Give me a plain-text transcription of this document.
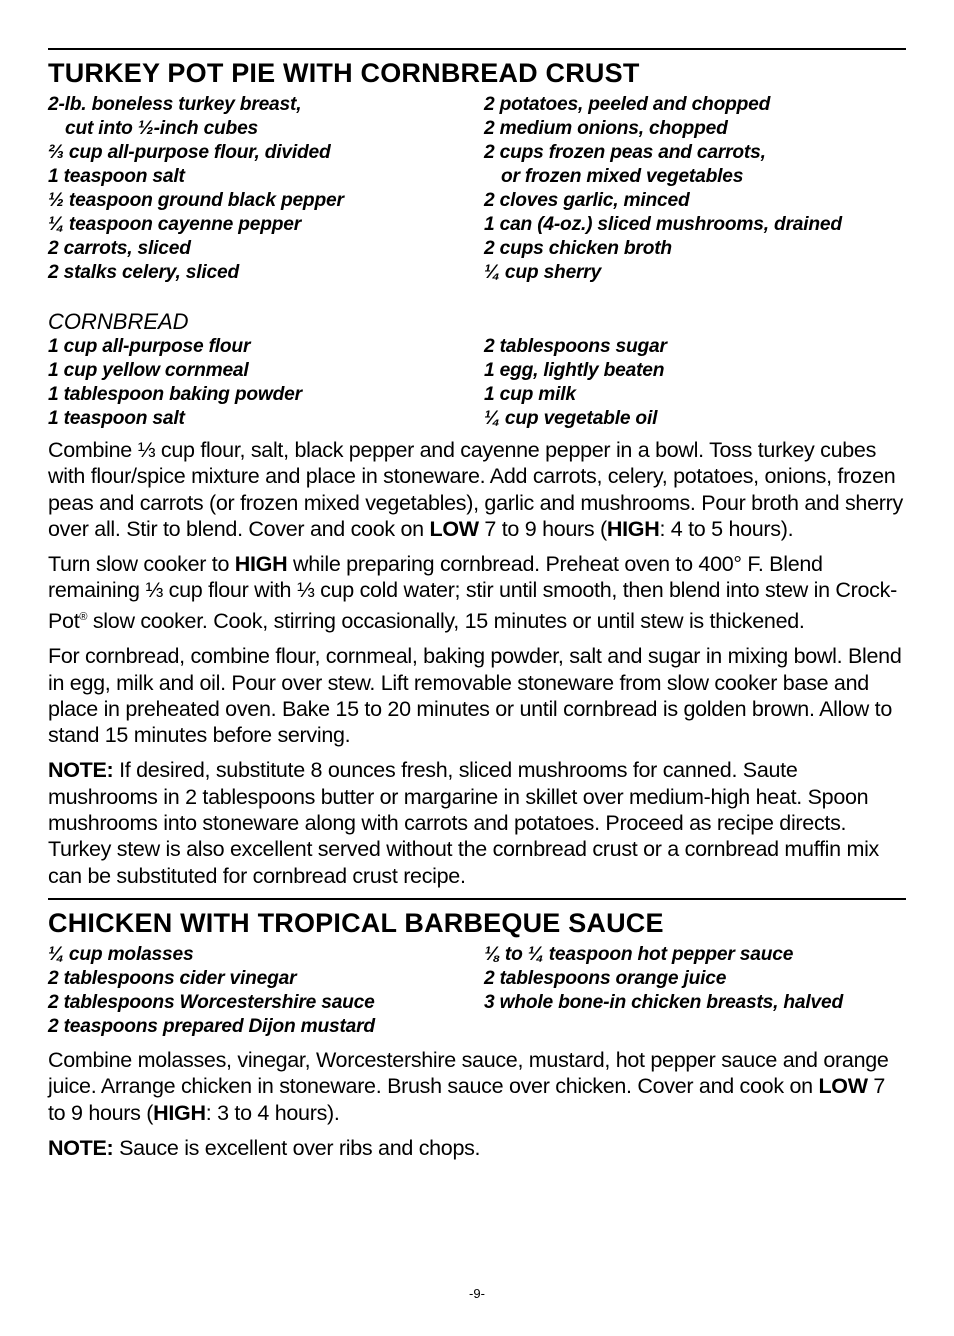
TURKEY POT PIE WITH CORNBREAD CRUST
2-lb. boneless turkey breast,
cut into ½-inch cubes
⅔ cup all-purpose flour, divided
1 teaspoon salt
½ teaspoon ground black pepper
¼ teaspoon cayenne pepper
2 carrots, sliced
2 stalks celery, sliced
2 potatoes, peeled and chopped
2 medium onions, chopped
2 cups frozen peas and carrots,
or frozen mixed vegetables
2 cloves garlic, minced
1 can (4-oz.) sliced mushrooms, drained
2 cups chicken broth
¼ cup sherry
CORNBREAD
1 cup all-purpose flour
1 cup yellow cornmeal
1 tablespoon baking powder
1 teaspoon salt
2 tablespoons sugar
1 egg, lightly beaten
1 cup milk
¼ cup vegetable oil

Combine ⅓ cup flour, salt, black pepper and cayenne pepper in a bowl. Toss turkey cubes with flour/spice mixture and place in stoneware. Add carrots, celery, potatoes, onions, frozen peas and carrots (or frozen mixed vegetables), garlic and mushrooms. Pour broth and sherry over all. Stir to blend. Cover and cook on LOW 7 to 9 hours (HIGH: 4 to 5 hours).

Turn slow cooker to HIGH while preparing cornbread. Preheat oven to 400° F. Blend remaining ⅓ cup flour with ⅓ cup cold water; stir until smooth, then blend into stew in Crock-Pot® slow cooker. Cook, stirring occasionally, 15 minutes or until stew is thickened.

For cornbread, combine flour, cornmeal, baking powder, salt and sugar in mixing bowl. Blend in egg, milk and oil. Pour over stew. Lift removable stoneware from slow cooker base and place in preheated oven. Bake 15 to 20 minutes or until cornbread is golden brown. Allow to stand 15 minutes before serving.

NOTE: If desired, substitute 8 ounces fresh, sliced mushrooms for canned. Saute mushrooms in 2 tablespoons butter or margarine in skillet over medium-high heat. Spoon mushrooms into stoneware along with carrots and potatoes. Proceed as recipe directs. Turkey stew is also excellent served without the cornbread crust or a cornbread muffin mix can be substituted for cornbread crust recipe.

CHICKEN WITH TROPICAL BARBEQUE SAUCE
¼ cup molasses
2 tablespoons cider vinegar
2 tablespoons Worcestershire sauce
2 teaspoons prepared Dijon mustard
⅛ to ¼ teaspoon hot pepper sauce
2 tablespoons orange juice
3 whole bone-in chicken breasts, halved

Combine molasses, vinegar, Worcestershire sauce, mustard, hot pepper sauce and orange juice. Arrange chicken in stoneware. Brush sauce over chicken. Cover and cook on LOW 7 to 9 hours (HIGH: 3 to 4 hours).

NOTE: Sauce is excellent over ribs and chops.

-9-
